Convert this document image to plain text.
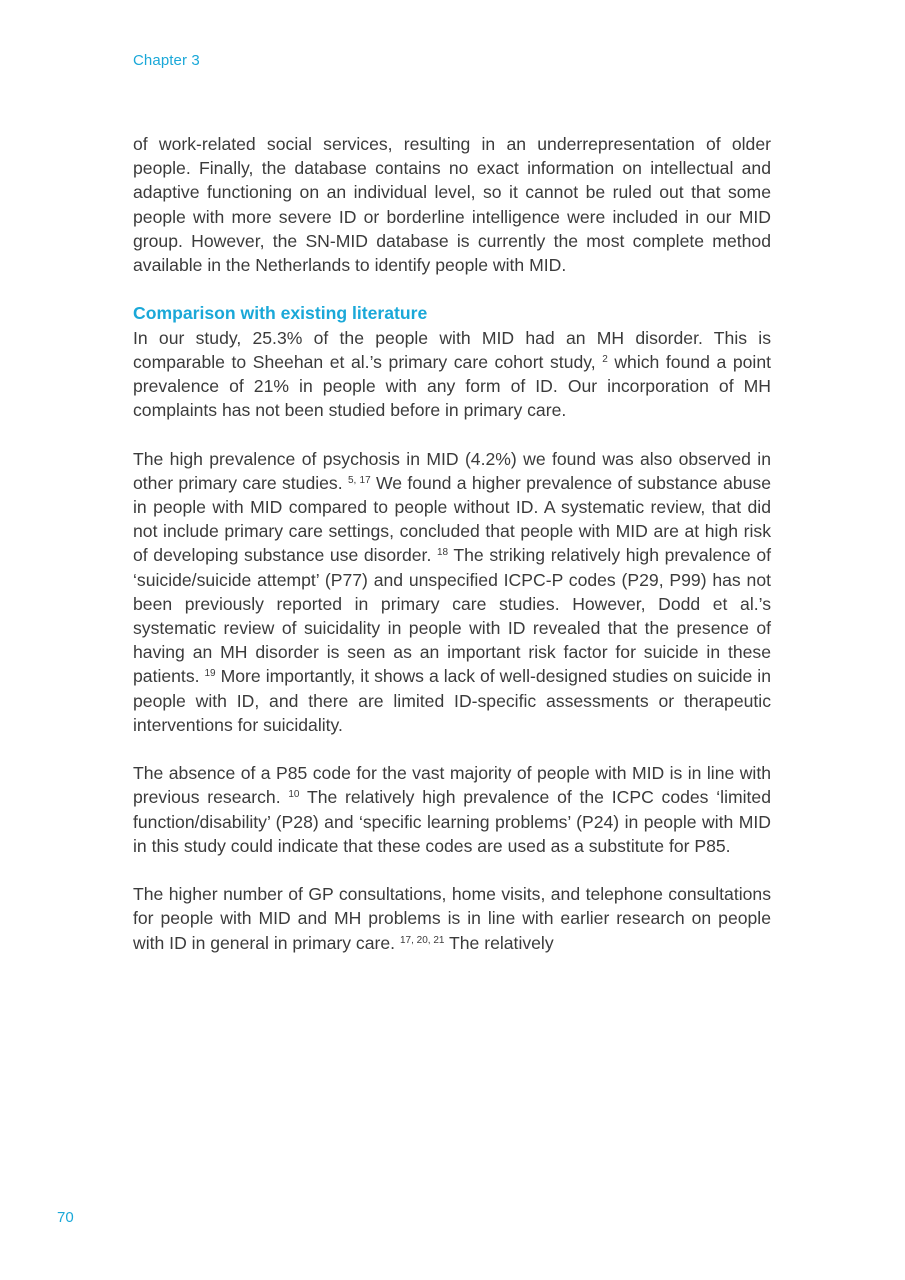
Chapter 3

of work-related social services, resulting in an underrepresentation of older people. Finally, the database contains no exact information on intellectual and adaptive functioning on an individual level, so it cannot be ruled out that some people with more severe ID or borderline intelligence were included in our MID group. However, the SN-MID database is currently the most complete method available in the Netherlands to identify people with MID.

Comparison with existing literature

In our study, 25.3% of the people with MID had an MH disorder. This is comparable to Sheehan et al.’s primary care cohort study, $^2$ which found a point prevalence of 21% in people with any form of ID. Our incorporation of MH complaints has not been studied before in primary care.

The high prevalence of psychosis in MID (4.2%) we found was also observed in other primary care studies. $^{5, 17}$ We found a higher prevalence of substance abuse in people with MID compared to people without ID. A systematic review, that did not include primary care settings, concluded that people with MID are at high risk of developing substance use disorder. $^{18}$ The striking relatively high prevalence of ‘suicide/suicide attempt’ (P77) and unspecified ICPC-P codes (P29, P99) has not been previously reported in primary care studies. However, Dodd et al.’s systematic review of suicidality in people with ID revealed that the presence of having an MH disorder is seen as an important risk factor for suicide in these patients. $^{19}$ More importantly, it shows a lack of well-designed studies on suicide in people with ID, and there are limited ID-specific assessments or therapeutic interventions for suicidality.

The absence of a P85 code for the vast majority of people with MID is in line with previous research. $^{10}$ The relatively high prevalence of the ICPC codes ‘limited function/disability’ (P28) and ‘specific learning problems’ (P24) in people with MID in this study could indicate that these codes are used as a substitute for P85.

The higher number of GP consultations, home visits, and telephone consultations for people with MID and MH problems is in line with earlier research on people with ID in general in primary care. $^{17, 20, 21}$ The relatively

70
